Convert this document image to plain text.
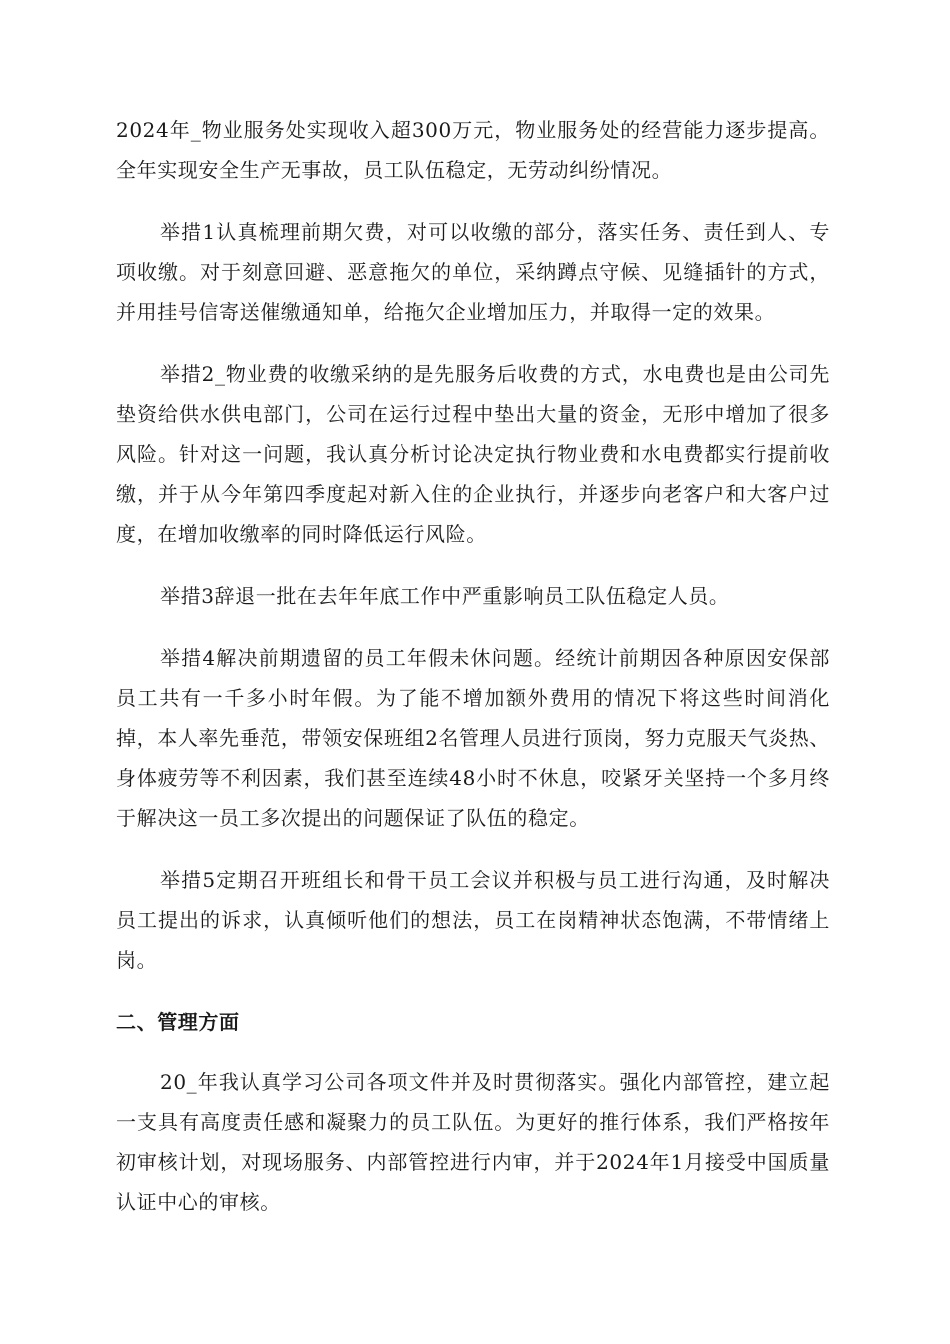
2024年_物业服务处实现收入超300万元，物业服务处的经营能力逐步提高。全年实现安全生产无事故，员工队伍稳定，无劳动纠纷情况。

举措1认真梳理前期欠费，对可以收缴的部分，落实任务、责任到人、专项收缴。对于刻意回避、恶意拖欠的单位，采纳蹲点守候、见缝插针的方式，并用挂号信寄送催缴通知单，给拖欠企业增加压力，并取得一定的效果。

举措2_物业费的收缴采纳的是先服务后收费的方式，水电费也是由公司先垫资给供水供电部门，公司在运行过程中垫出大量的资金，无形中增加了很多风险。针对这一问题，我认真分析讨论决定执行物业费和水电费都实行提前收缴，并于从今年第四季度起对新入住的企业执行，并逐步向老客户和大客户过度，在增加收缴率的同时降低运行风险。

举措3辞退一批在去年年底工作中严重影响员工队伍稳定人员。

举措4解决前期遗留的员工年假未休问题。经统计前期因各种原因安保部员工共有一千多小时年假。为了能不增加额外费用的情况下将这些时间消化掉，本人率先垂范，带领安保班组2名管理人员进行顶岗，努力克服天气炎热、身体疲劳等不利因素，我们甚至连续48小时不休息，咬紧牙关坚持一个多月终于解决这一员工多次提出的问题保证了队伍的稳定。

举措5定期召开班组长和骨干员工会议并积极与员工进行沟通，及时解决员工提出的诉求，认真倾听他们的想法，员工在岗精神状态饱满，不带情绪上岗。

二、管理方面

20_年我认真学习公司各项文件并及时贯彻落实。强化内部管控，建立起一支具有高度责任感和凝聚力的员工队伍。为更好的推行体系，我们严格按年初审核计划，对现场服务、内部管控进行内审，并于2024年1月接受中国质量认证中心的审核。
